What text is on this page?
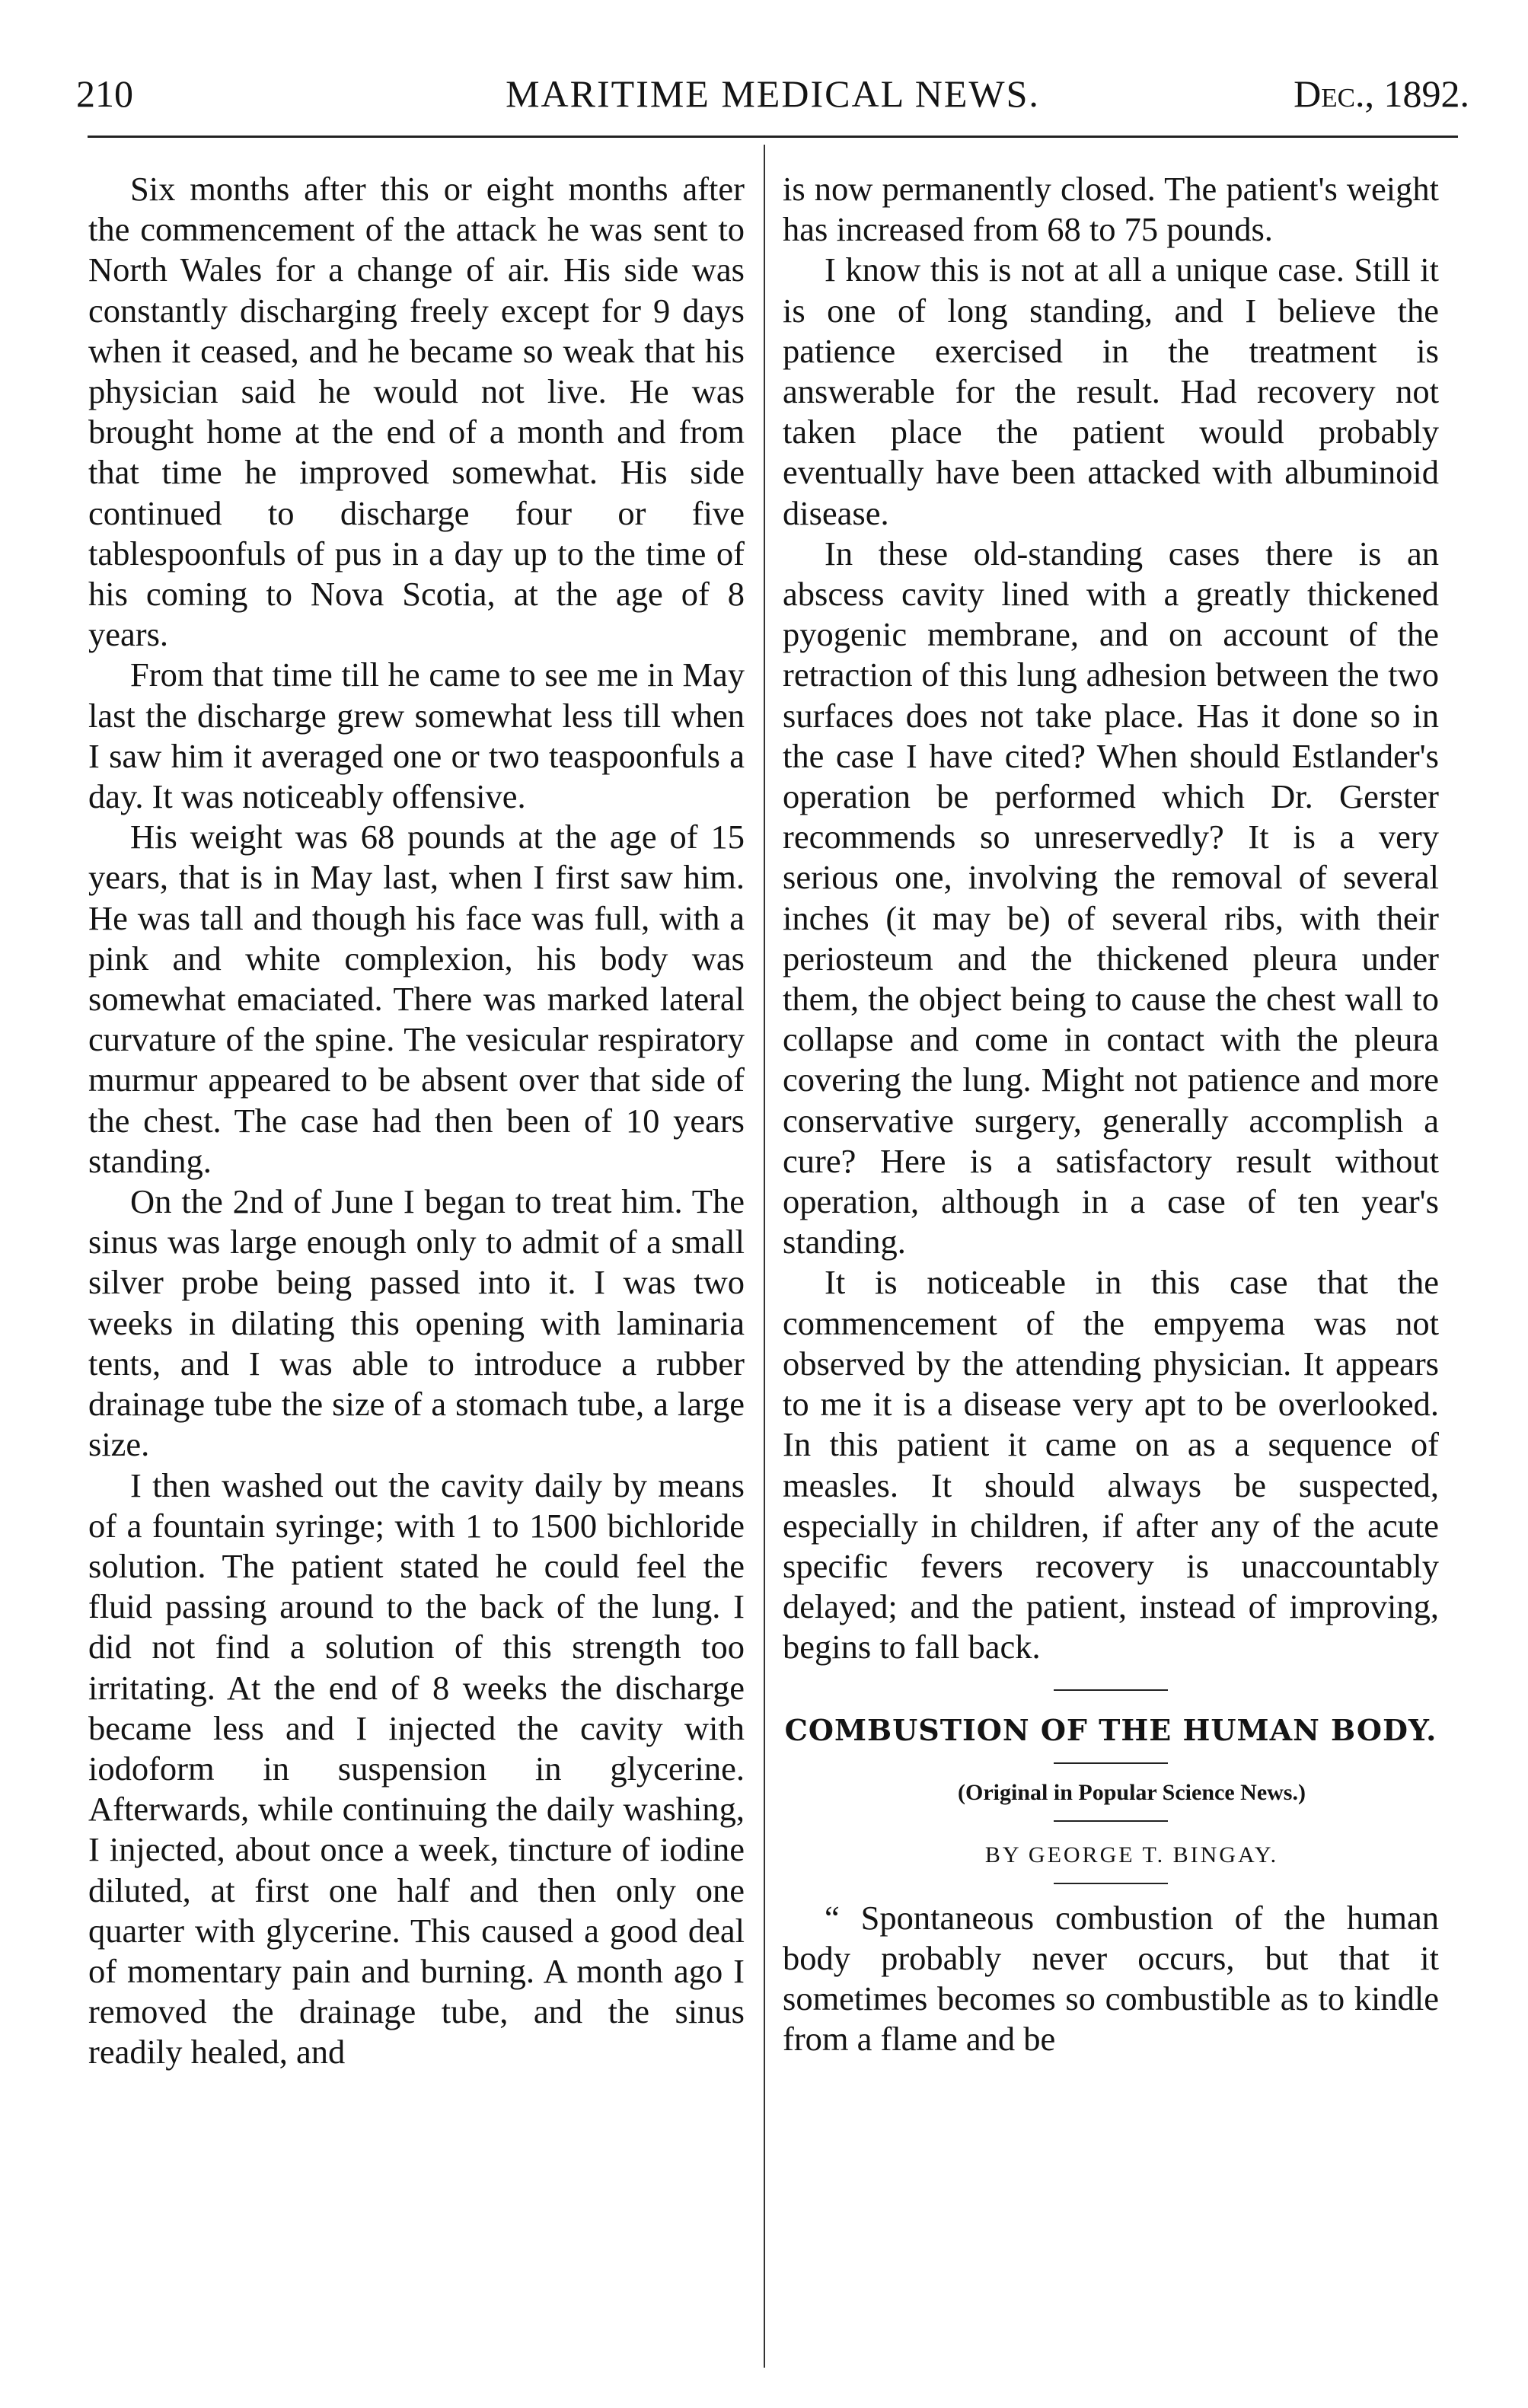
210	MARITIME MEDICAL NEWS.	Dec., 1892.

Six months after this or eight months after the commencement of the attack he was sent to North Wales for a change of air. His side was constantly discharging freely except for 9 days when it ceased, and he became so weak that his physician said he would not live. He was brought home at the end of a month and from that time he improved somewhat. His side continued to discharge four or five tablespoonfuls of pus in a day up to the time of his coming to Nova Scotia, at the age of 8 years.

From that time till he came to see me in May last the discharge grew somewhat less till when I saw him it averaged one or two teaspoonfuls a day. It was noticeably offensive.

His weight was 68 pounds at the age of 15 years, that is in May last, when I first saw him. He was tall and though his face was full, with a pink and white complexion, his body was somewhat emaciated. There was marked lateral curvature of the spine. The vesicular respiratory murmur appeared to be absent over that side of the chest. The case had then been of 10 years standing.

On the 2nd of June I began to treat him. The sinus was large enough only to admit of a small silver probe being passed into it. I was two weeks in dilating this opening with laminaria tents, and I was able to introduce a rubber drainage tube the size of a stomach tube, a large size.

I then washed out the cavity daily by means of a fountain syringe; with 1 to 1500 bichloride solution. The patient stated he could feel the fluid passing around to the back of the lung. I did not find a solution of this strength too irritating. At the end of 8 weeks the discharge became less and I injected the cavity with iodoform in suspension in glycerine. Afterwards, while continuing the daily washing, I injected, about once a week, tincture of iodine diluted, at first one half and then only one quarter with glycerine. This caused a good deal of momentary pain and burning. A month ago I removed the drainage tube, and the sinus readily healed, and

is now permanently closed. The patient's weight has increased from 68 to 75 pounds.

I know this is not at all a unique case. Still it is one of long standing, and I believe the patience exercised in the treatment is answerable for the result. Had recovery not taken place the patient would probably eventually have been attacked with albuminoid disease.

In these old-standing cases there is an abscess cavity lined with a greatly thickened pyogenic membrane, and on account of the retraction of this lung adhesion between the two surfaces does not take place. Has it done so in the case I have cited? When should Estlander's operation be performed which Dr. Gerster recommends so unreservedly? It is a very serious one, involving the removal of several inches (it may be) of several ribs, with their periosteum and the thickened pleura under them, the object being to cause the chest wall to collapse and come in contact with the pleura covering the lung. Might not patience and more conservative surgery, generally accomplish a cure? Here is a satisfactory result without operation, although in a case of ten year's standing.

It is noticeable in this case that the commencement of the empyema was not observed by the attending physician. It appears to me it is a disease very apt to be overlooked. In this patient it came on as a sequence of measles. It should always be suspected, especially in children, if after any of the acute specific fevers recovery is unaccountably delayed; and the patient, instead of improving, begins to fall back.

COMBUSTION OF THE HUMAN BODY.

(Original in Popular Science News.)

BY GEORGE T. BINGAY.

“ Spontaneous combustion of the human body probably never occurs, but that it sometimes becomes so combustible as to kindle from a flame and be
